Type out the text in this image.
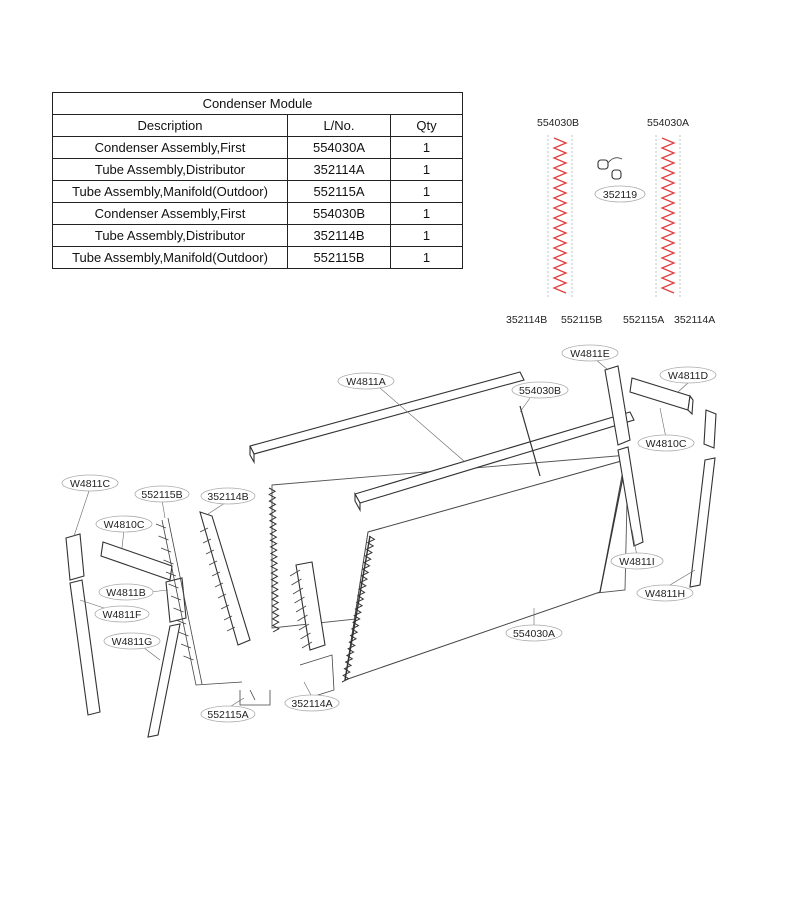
Condenser Module		
Description	L/No.	Qty
Condenser Assembly,First	554030A	1
Tube Assembly,Distributor	352114A	1
Tube Assembly,Manifold(Outdoor)	552115A	1
Condenser Assembly,First	554030B	1
Tube Assembly,Distributor	352114B	1
Tube Assembly,Manifold(Outdoor)	552115B	1
554030B	554030A
352119
352114B 552115B 552115A 352114A
W4811A
W4811E
W4811D
554030B
W4810C
W4811C
552115B 352114B
W4810C
W4811B
W4811F
W4811G
W4811I
W4811H
554030A
552115A
352114A
